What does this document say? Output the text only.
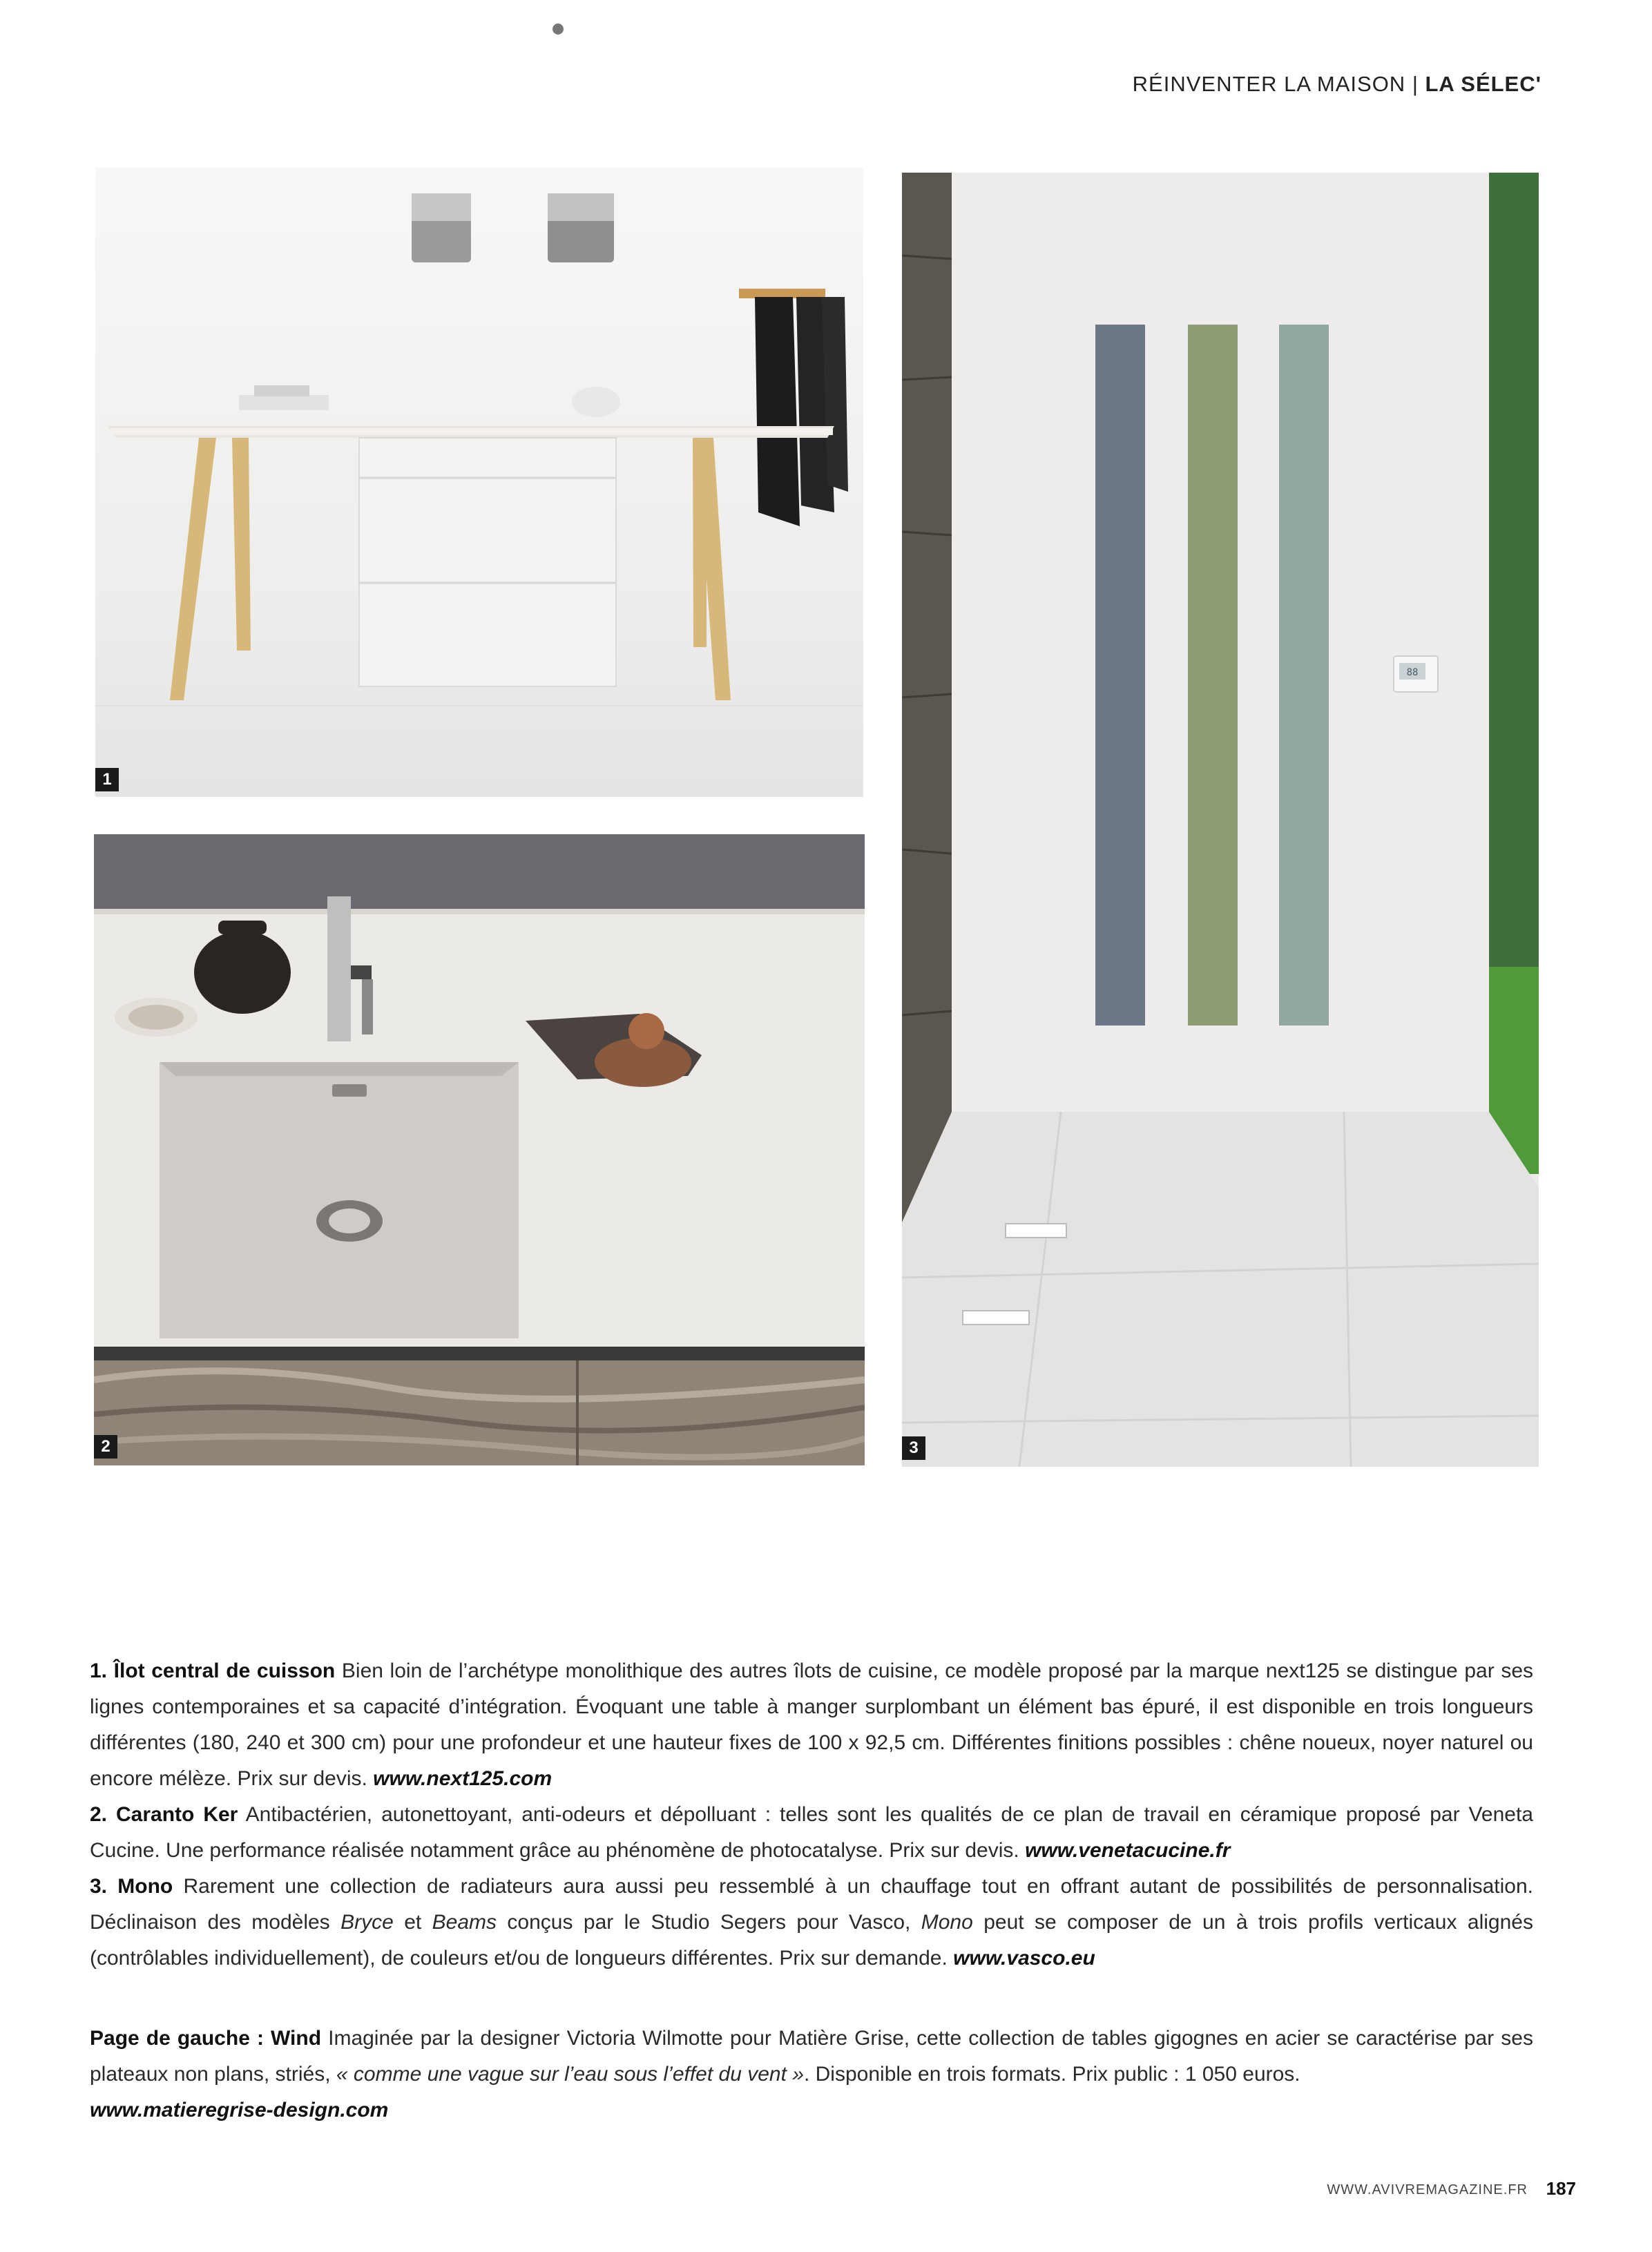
RÉINVENTER LA MAISON | LA SÉLEC'
1
2
88
3

1. Îlot central de cuisson Bien loin de l’archétype monolithique des autres îlots de cuisine, ce modèle proposé par la marque next125 se distingue par ses lignes contemporaines et sa capacité d’intégration. Évoquant une table à manger surplombant un élément bas épuré, il est disponible en trois longueurs différentes (180, 240 et 300 cm) pour une profondeur et une hauteur fixes de 100 x 92,5 cm. Différentes finitions possibles : chêne noueux, noyer naturel ou encore mélèze. Prix sur devis. www.next125.com

2. Caranto Ker Antibactérien, autonettoyant, anti-odeurs et dépolluant : telles sont les qualités de ce plan de travail en céramique proposé par Veneta Cucine. Une performance réalisée notamment grâce au phénomène de photocatalyse. Prix sur devis. www.venetacucine.fr

3. Mono Rarement une collection de radiateurs aura aussi peu ressemblé à un chauffage tout en offrant autant de possibilités de personnalisation. Déclinaison des modèles Bryce et Beams conçus par le Studio Segers pour Vasco, Mono peut se composer de un à trois profils verticaux alignés (contrôlables individuellement), de couleurs et/ou de longueurs différentes. Prix sur demande. www.vasco.eu

Page de gauche : Wind Imaginée par la designer Victoria Wilmotte pour Matière Grise, cette collection de tables gigognes en acier se caractérise par ses plateaux non plans, striés, « comme une vague sur l’eau sous l’effet du vent ». Disponible en trois formats. Prix public : 1 050 euros.

www.matieregrise-design.com

WWW.AVIVREMAGAZINE.FR 187
